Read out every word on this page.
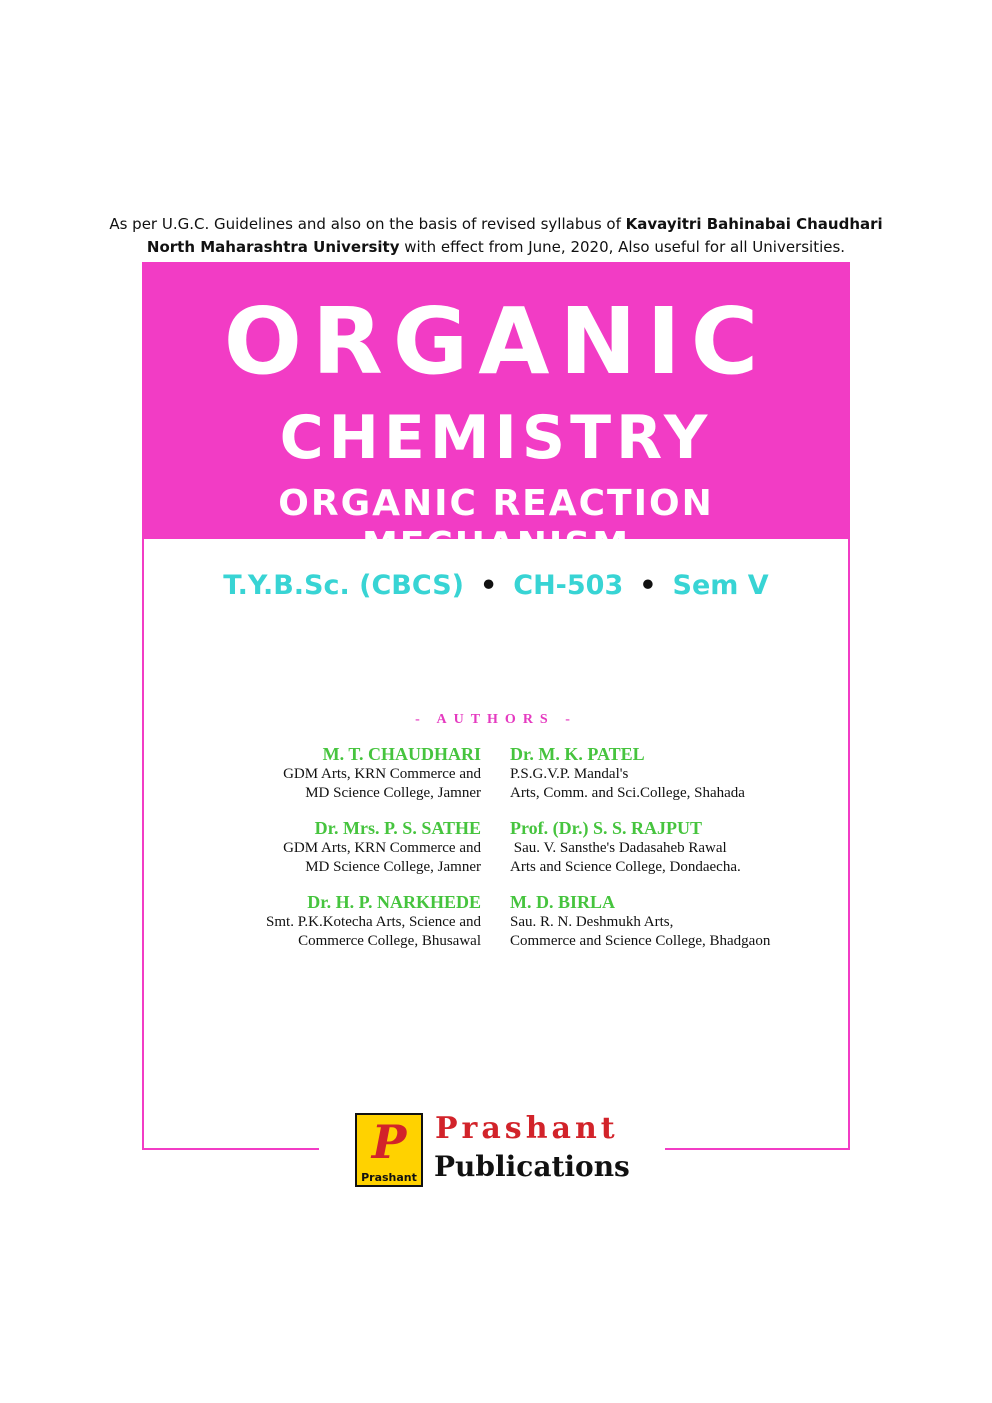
As per U.G.C. Guidelines and also on the basis of revised syllabus of Kavayitri Bahinabai Chaudhari
North Maharashtra University with effect from June, 2020, Also useful for all Universities.
ORGANIC
CHEMISTRY
ORGANIC REACTION MECHANISM
T.Y.B.Sc. (CBCS) • CH-503 • Sem V
- AUTHORS -
M. T. CHAUDHARI
GDM Arts, KRN Commerce and
MD Science College, Jamner
Dr. M. K. PATEL
P.S.G.V.P. Mandal's
Arts, Comm. and Sci.College, Shahada
Dr. Mrs. P. S. SATHE
GDM Arts, KRN Commerce and
MD Science College, Jamner
Prof. (Dr.) S. S. RAJPUT
Sau. V. Sansthe's Dadasaheb Rawal
Arts and Science College, Dondaecha.
Dr. H. P. NARKHEDE
Smt. P.K.Kotecha Arts, Science and
Commerce College, Bhusawal
M. D. BIRLA
Sau. R. N. Deshmukh Arts,
Commerce and Science College, Bhadgaon
P
Prashant
Prashant
Publications
